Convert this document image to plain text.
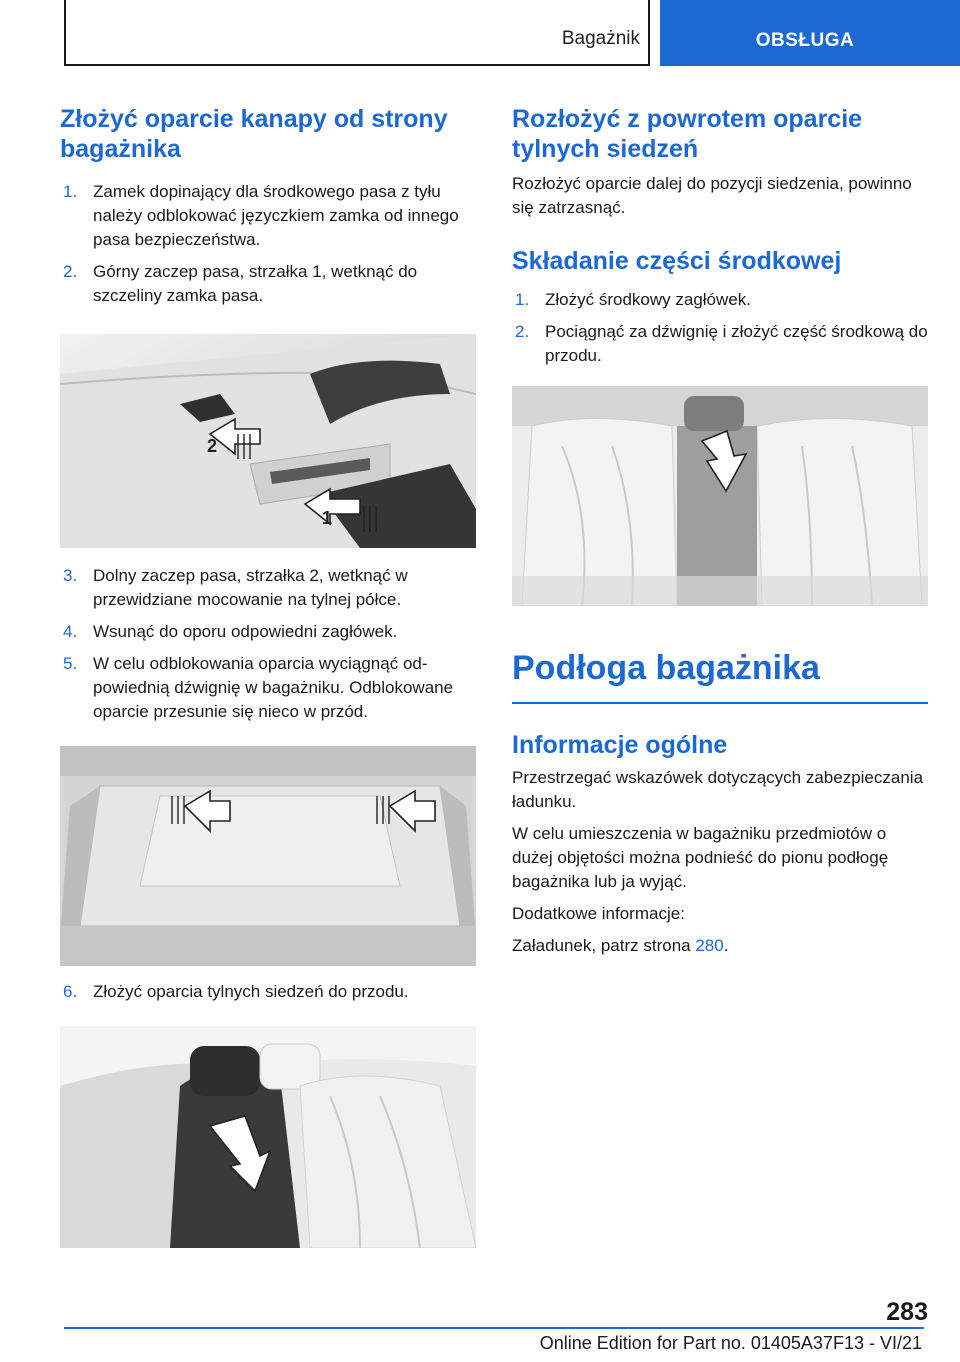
Bagażnik	OBSŁUGA
Złożyć oparcie kanapy od strony bagażnika
1. Zamek dopinający dla środkowego pasa z tyłu należy odblokować języczkiem zamka od innego pasa bezpieczeństwa.
2. Górny zaczep pasa, strzałka 1, wetknąć do szczeliny zamka pasa.
2
1
3. Dolny zaczep pasa, strzałka 2, wetknąć w przewidziane mocowanie na tylnej półce.
4. Wsunąć do oporu odpowiedni zagłówek.
5. W celu odblokowania oparcia wyciągnąć odpowiednią dźwignię w bagażniku. Odblokowane oparcie przesunie się nieco w przód.
6. Złożyć oparcia tylnych siedzeń do przodu.
Rozłożyć z powrotem oparcie tylnych siedzeń

Rozłożyć oparcie dalej do pozycji siedzenia, powinno się zatrzasnąć.

Składanie części środkowej
1. Złożyć środkowy zagłówek.
2. Pociągnąć za dźwignię i złożyć część środkową do przodu.
Podłoga bagażnika
Informacje ogólne

Przestrzegać wskazówek dotyczących zabezpieczania ładunku.

W celu umieszczenia w bagażniku przedmiotów o dużej objętości można podnieść do pionu podłogę bagażnika lub ja wyjąć.

Dodatkowe informacje:

Załadunek, patrz strona 280.

283
Online Edition for Part no. 01405A37F13 - VI/21
